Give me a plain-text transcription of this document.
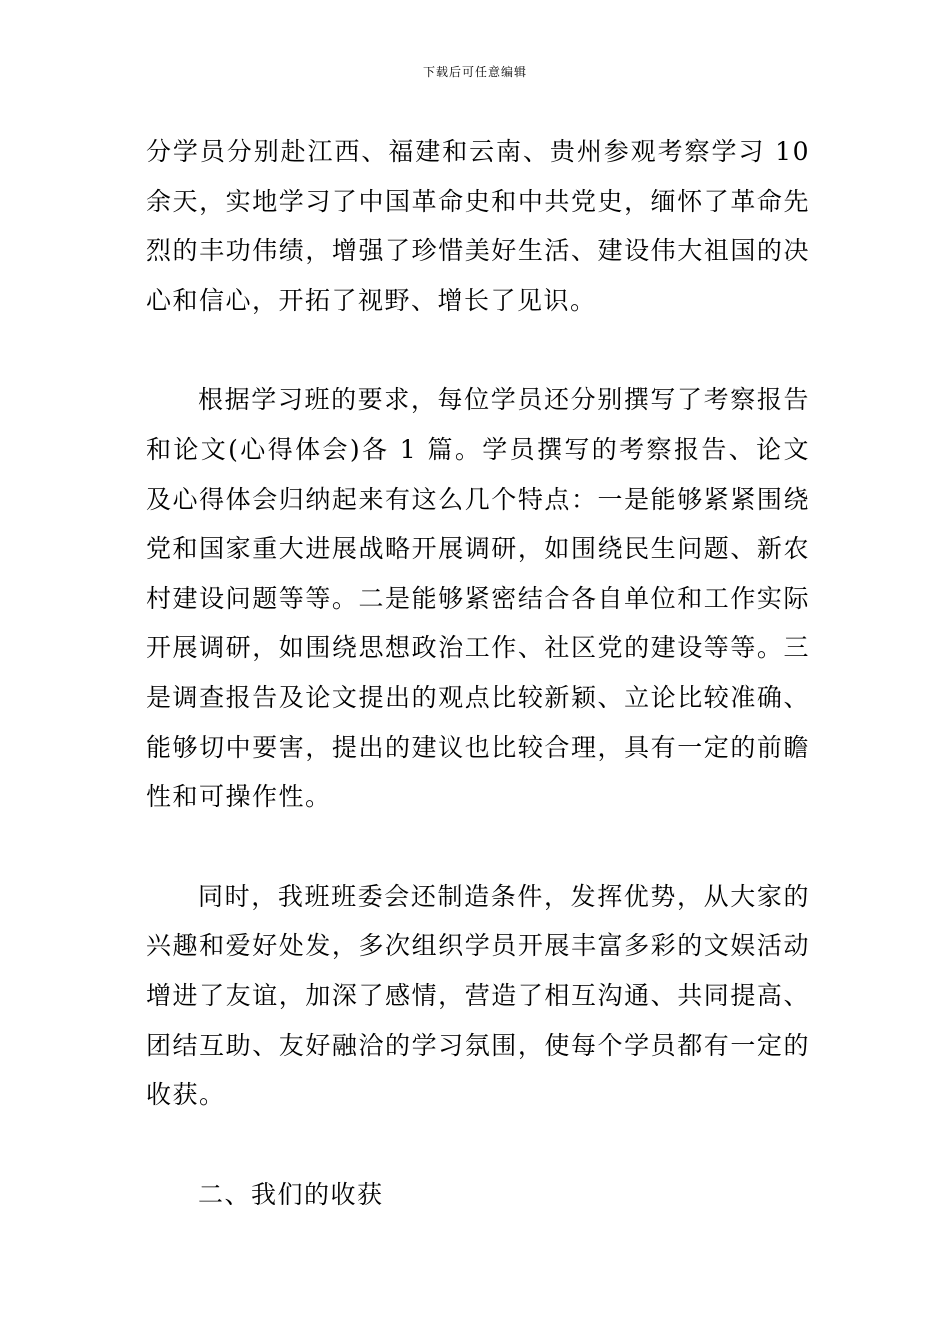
下载后可任意编辑

分学员分别赴江西、福建和云南、贵州参观考察学习 10 余天，实地学习了中国革命史和中共党史，缅怀了革命先烈的丰功伟绩，增强了珍惜美好生活、建设伟大祖国的决心和信心，开拓了视野、增长了见识。

根据学习班的要求，每位学员还分别撰写了考察报告和论文(心得体会)各 1 篇。学员撰写的考察报告、论文及心得体会归纳起来有这么几个特点：一是能够紧紧围绕党和国家重大进展战略开展调研，如围绕民生问题、新农村建设问题等等。二是能够紧密结合各自单位和工作实际开展调研，如围绕思想政治工作、社区党的建设等等。三是调查报告及论文提出的观点比较新颖、立论比较准确、能够切中要害，提出的建议也比较合理，具有一定的前瞻性和可操作性。

同时，我班班委会还制造条件，发挥优势，从大家的兴趣和爱好处发，多次组织学员开展丰富多彩的文娱活动增进了友谊，加深了感情，营造了相互沟通、共同提高、团结互助、友好融洽的学习氛围，使每个学员都有一定的收获。

二、我们的收获
